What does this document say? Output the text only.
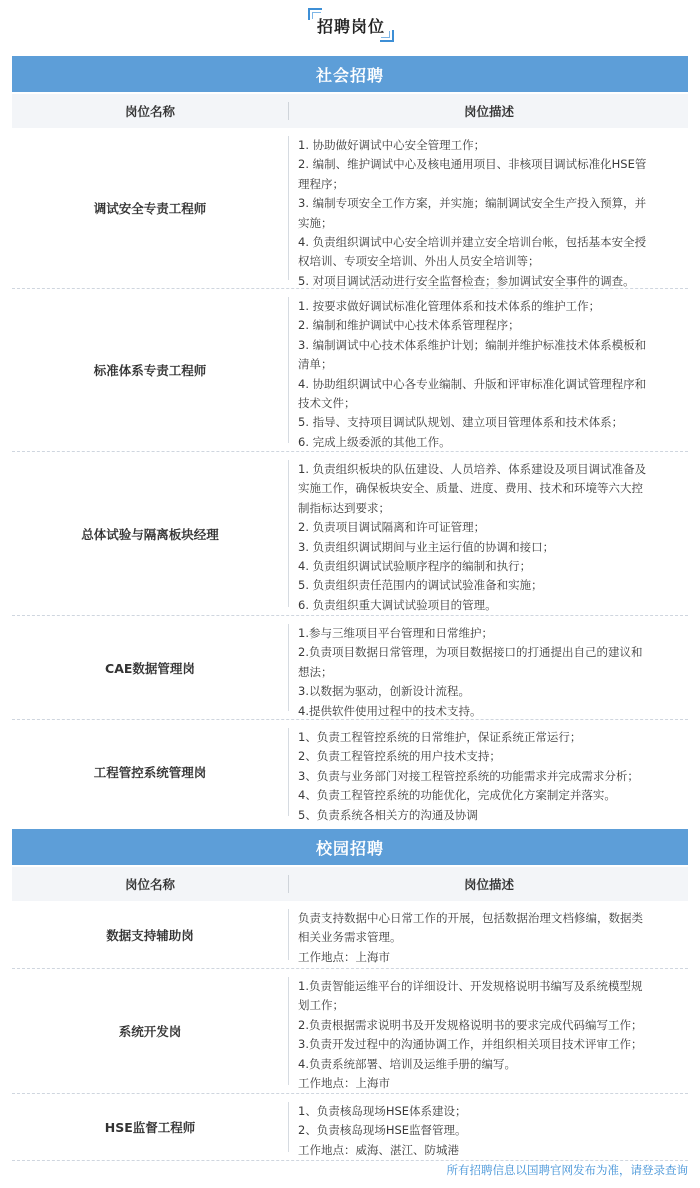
招聘岗位
社会招聘
岗位名称	岗位描述
调试安全专责工程师
1. 协助做好调试中心安全管理工作；
2. 编制、维护调试中心及核电通用项目、非核项目调试标准化HSE管
理程序；
3. 编制专项安全工作方案，并实施；编制调试安全生产投入预算，并
实施；
4. 负责组织调试中心安全培训并建立安全培训台帐，包括基本安全授
权培训、专项安全培训、外出人员安全培训等；
5. 对项目调试活动进行安全监督检查；参加调试安全事件的调查。
标准体系专责工程师
1. 按要求做好调试标准化管理体系和技术体系的维护工作；
2. 编制和维护调试中心技术体系管理程序；
3. 编制调试中心技术体系维护计划；编制并维护标准技术体系模板和
清单；
4. 协助组织调试中心各专业编制、升版和评审标准化调试管理程序和
技术文件；
5. 指导、支持项目调试队规划、建立项目管理体系和技术体系；
6. 完成上级委派的其他工作。
总体试验与隔离板块经理
1. 负责组织板块的队伍建设、人员培养、体系建设及项目调试准备及
实施工作，确保板块安全、质量、进度、费用、技术和环境等六大控
制指标达到要求；
2. 负责项目调试隔离和许可证管理；
3. 负责组织调试期间与业主运行值的协调和接口；
4. 负责组织调试试验顺序程序的编制和执行；
5. 负责组织责任范围内的调试试验准备和实施；
6. 负责组织重大调试试验项目的管理。
CAE数据管理岗
1.参与三维项目平台管理和日常维护；
2.负责项目数据日常管理，为项目数据接口的打通提出自己的建议和
想法；
3.以数据为驱动，创新设计流程。
4.提供软件使用过程中的技术支持。
工程管控系统管理岗
1、负责工程管控系统的日常维护，保证系统正常运行；
2、负责工程管控系统的用户技术支持；
3、负责与业务部门对接工程管控系统的功能需求并完成需求分析；
4、负责工程管控系统的功能优化，完成优化方案制定并落实。
5、负责系统各相关方的沟通及协调
校园招聘
岗位名称	岗位描述
数据支持辅助岗
负责支持数据中心日常工作的开展，包括数据治理文档修编，数据类
相关业务需求管理。
工作地点：上海市
系统开发岗
1.负责智能运维平台的详细设计、开发规格说明书编写及系统模型规
划工作；
2.负责根据需求说明书及开发规格说明书的要求完成代码编写工作；
3.负责开发过程中的沟通协调工作，并组织相关项目技术评审工作；
4.负责系统部署、培训及运维手册的编写。
工作地点：上海市
HSE监督工程师
1、负责核岛现场HSE体系建设；
2、负责核岛现场HSE监督管理。
工作地点：威海、湛江、防城港
所有招聘信息以国聘官网发布为准，请登录查询
